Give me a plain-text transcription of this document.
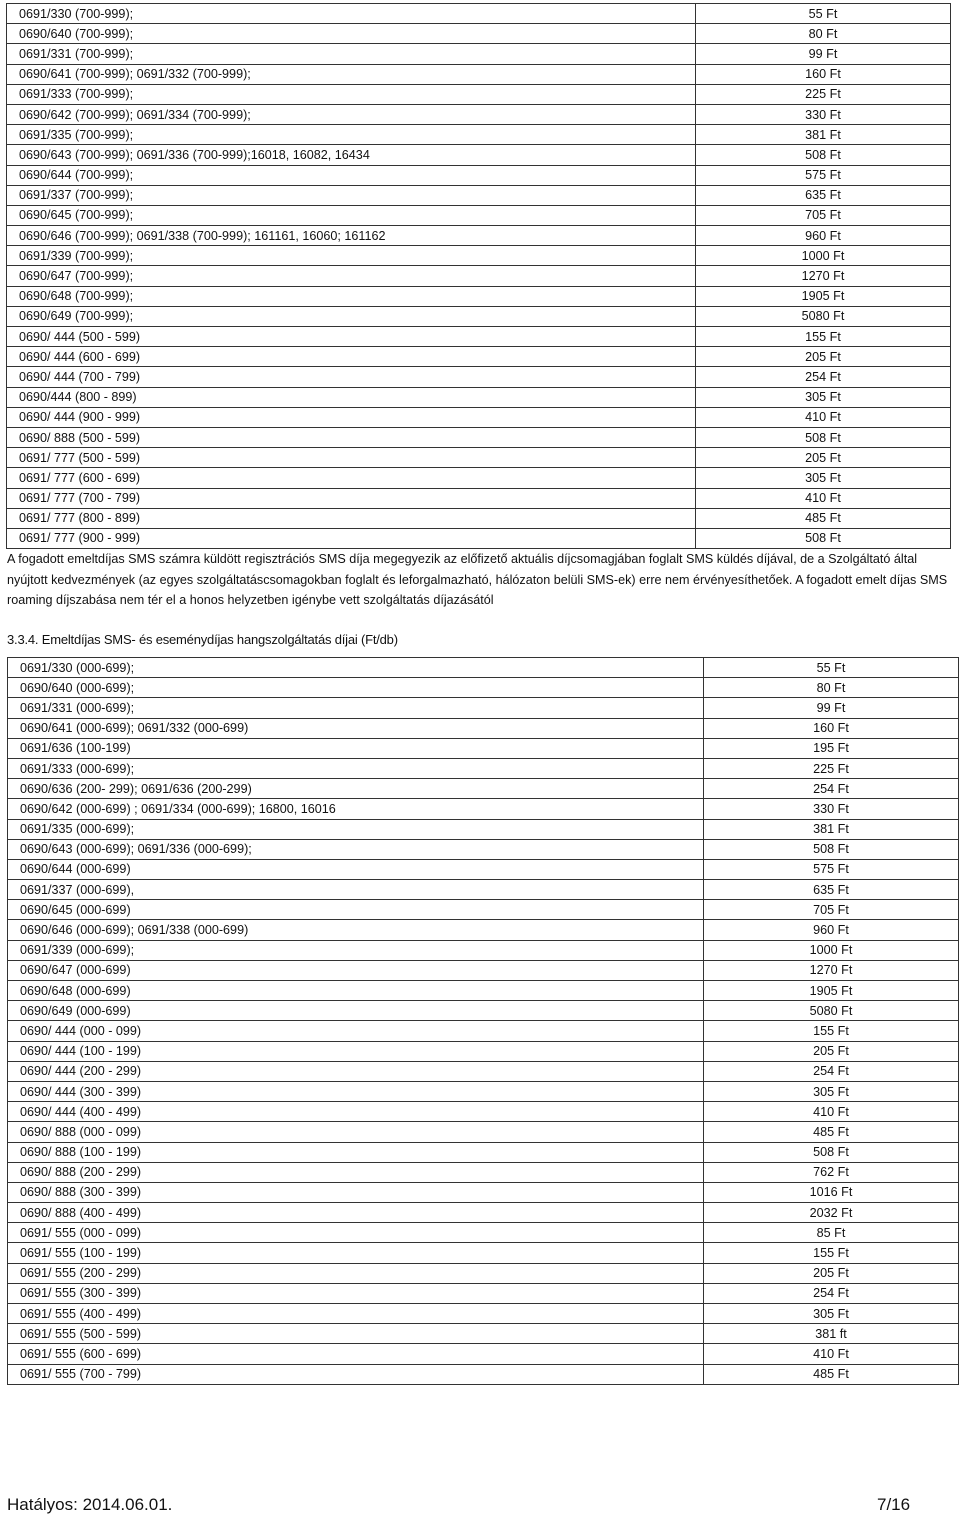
0691/330 (700-999);	55 Ft
0690/640 (700-999);	80 Ft
0691/331 (700-999);	99 Ft
0690/641 (700-999); 0691/332 (700-999);	160 Ft
0691/333 (700-999);	225 Ft
0690/642 (700-999); 0691/334 (700-999);	330 Ft
0691/335 (700-999);	381 Ft
0690/643 (700-999); 0691/336 (700-999);16018, 16082, 16434	508 Ft
0690/644 (700-999);	575 Ft
0691/337 (700-999);	635 Ft
0690/645 (700-999);	705 Ft
0690/646 (700-999); 0691/338 (700-999); 161161, 16060; 161162	960 Ft
0691/339 (700-999);	1000 Ft
0690/647 (700-999);	1270 Ft
0690/648 (700-999);	1905 Ft
0690/649 (700-999);	5080 Ft
0690/ 444 (500 - 599)	155 Ft
0690/ 444 (600 - 699)	205 Ft
0690/ 444 (700 - 799)	254 Ft
0690/444 (800 - 899)	305 Ft
0690/ 444 (900 - 999)	410 Ft
0690/ 888 (500 - 599)	508 Ft
0691/ 777 (500 - 599)	205 Ft
0691/ 777 (600 - 699)	305 Ft
0691/ 777 (700 - 799)	410 Ft
0691/ 777 (800 - 899)	485 Ft
0691/ 777 (900 - 999)	508 Ft
A fogadott emeltdíjas SMS számra küldött regisztrációs SMS díja megegyezik az előfizető aktuális díjcsomagjában foglalt SMS küldés díjával, de a Szolgáltató által nyújtott kedvezmények (az egyes szolgáltatáscsomagokban foglalt és leforgalmazható, hálózaton belüli SMS-ek) erre nem érvényesíthetőek. A fogadott emelt díjas SMS roaming díjszabása nem tér el a honos helyzetben igénybe vett szolgáltatás díjazásától
3.3.4. Emeltdíjas SMS- és eseménydíjas hangszolgáltatás díjai (Ft/db)
0691/330 (000-699);	55 Ft
0690/640 (000-699);	80 Ft
0691/331 (000-699);	99 Ft
0690/641 (000-699); 0691/332 (000-699)	160 Ft
0691/636 (100-199)	195 Ft
0691/333 (000-699);	225 Ft
0690/636 (200- 299); 0691/636 (200-299)	254 Ft
0690/642 (000-699) ; 0691/334 (000-699); 16800, 16016	330 Ft
0691/335 (000-699);	381 Ft
0690/643 (000-699); 0691/336 (000-699);	508 Ft
0690/644 (000-699)	575 Ft
0691/337 (000-699),	635 Ft
0690/645 (000-699)	705 Ft
0690/646 (000-699); 0691/338 (000-699)	960 Ft
0691/339 (000-699);	1000 Ft
0690/647 (000-699)	1270 Ft
0690/648 (000-699)	1905 Ft
0690/649 (000-699)	5080 Ft
0690/ 444 (000 - 099)	155 Ft
0690/ 444 (100 - 199)	205 Ft
0690/ 444 (200 - 299)	254 Ft
0690/ 444 (300 - 399)	305 Ft
0690/ 444 (400 - 499)	410 Ft
0690/ 888 (000 - 099)	485 Ft
0690/ 888 (100 - 199)	508 Ft
0690/ 888 (200 - 299)	762 Ft
0690/ 888 (300 - 399)	1016 Ft
0690/ 888 (400 - 499)	2032 Ft
0691/ 555 (000 - 099)	85 Ft
0691/ 555 (100 - 199)	155 Ft
0691/ 555 (200 - 299)	205 Ft
0691/ 555 (300 - 399)	254 Ft
0691/ 555 (400 - 499)	305 Ft
0691/ 555 (500 - 599)	381 ft
0691/ 555 (600 - 699)	410 Ft
0691/ 555 (700 - 799)	485 Ft
Hatályos: 2014.06.01.	7/16
